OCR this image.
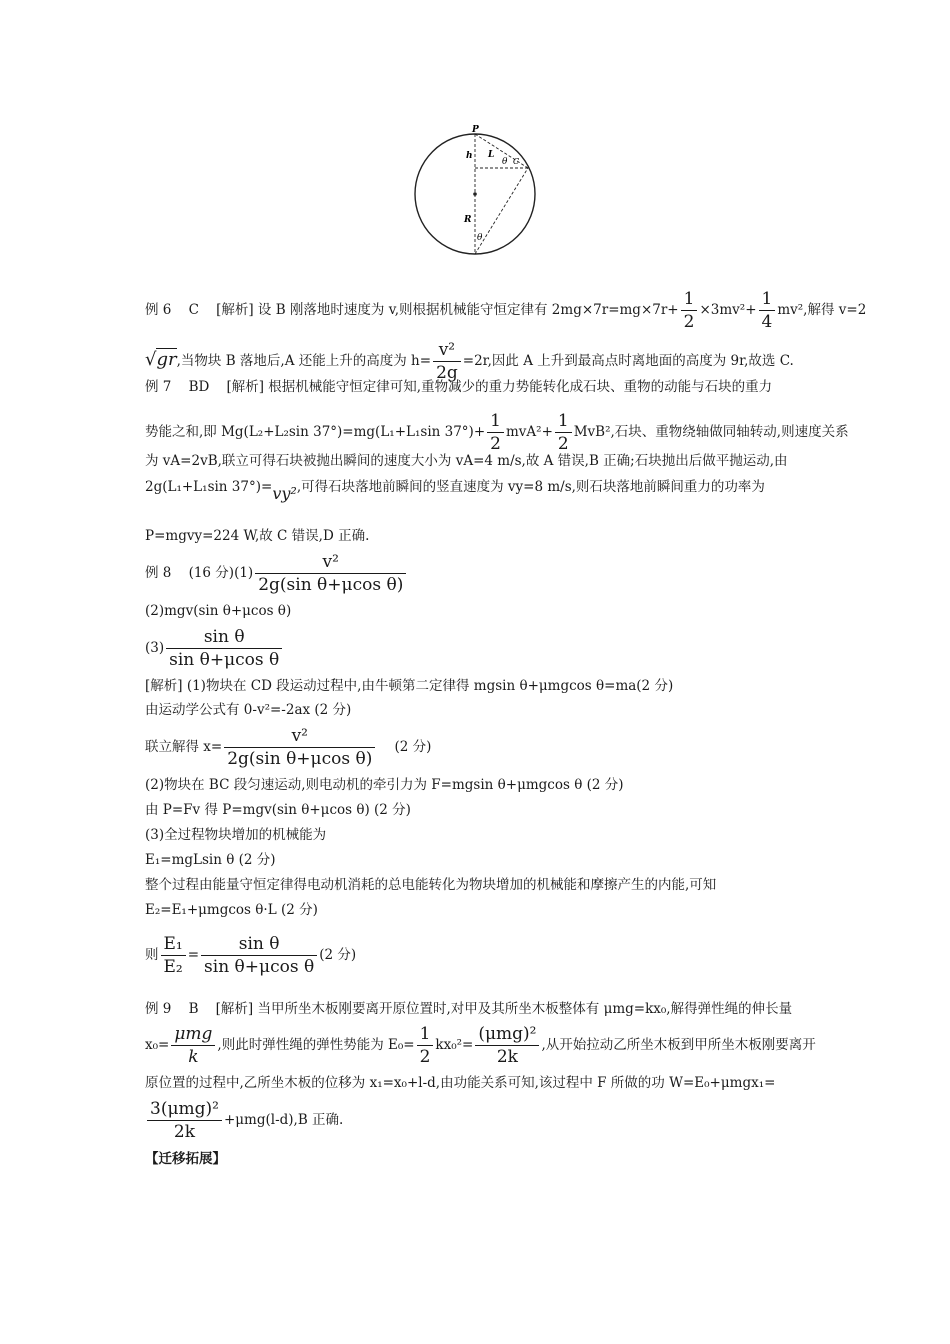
P
h L
θ C
R
θ
例 6 C [解析] 设 B 刚落地时速度为 v,则根据机械能守恒定律有 $2mg\times 7r=mg\times 7r+ \frac{1}{2} \times 3mv^2+ \frac{1}{4} mv^2$,解得 v=2
√gr,当物块 B 落地后,A 还能上升的高度为 $h= \frac{\text{v²}}{2g} =2r$,因此 A 上升到最高点时离地面的高度为 9r,故选 C.
例 7 BD [解析] 根据机械能守恒定律可知,重物减少的重力势能转化成石块、重物的动能与石块的重力
势能之和,即 Mg(L₂+L₂sin 37°)=mg(L₁+L₁sin $37^\circ)+ \frac{1}{2} mvA^2+ \frac{1}{2} MvB^2$,石块、重物绕轴做同轴转动,则速度关系
为 vA=2vB,联立可得石块被抛出瞬间的速度大小为 vA=4 m/s,故 A 错误,B 正确;石块抛出后做平抛运动,由
2g(L₁+L₁sin 37°)=vy²,可得石块落地前瞬间的竖直速度为 vy=8 m/s,则石块落地前瞬间重力的功率为
P=mgvy=224 W,故 C 错误,D 正确.
例 8 (16 分)$(1) \frac{\text{v²}}{\text{2g(sin θ+μcos θ)}}$
(2)mgv(sin θ+μcos θ)
$(3) \frac{\text{sin θ}}{\text{sin θ+μcos θ}}$
[解析] (1)物块在 CD 段运动过程中,由牛顿第二定律得 mgsin θ+μmgcos θ=ma(2 分)
由运动学公式有 0-v²=-2ax (2 分)
联立解得 $x= \frac{\text{v²}}{\text{2g(sin θ+μcos θ)}} (2$ 分)
(2)物块在 BC 段匀速运动,则电动机的牵引力为 F=mgsin θ+μmgcos θ (2 分)
由 P=Fv 得 P=mgv(sin θ+μcos θ) (2 分)
(3)全过程物块增加的机械能为
E₁=mgLsin θ (2 分)
整个过程由能量守恒定律得电动机消耗的总电能转化为物块增加的机械能和摩擦产生的内能,可知
E₂=E₁+μmgcos θ·L (2 分)
则 $\frac{\text{E₁}}{\text{E₂}} = \frac{\text{sin θ}}{\text{sin θ+μcos θ}} (2$ 分)
例 9 B [解析] 当甲所坐木板刚要离开原位置时,对甲及其所坐木板整体有 μmg=kx₀,解得弹性绳的伸长量
$x_0= \frac{\text{μmg}}{k}$ ,则此时弹性绳的弹性势能为 $E_0= \frac{1}{2} kx_0^2= \frac{\text{(μmg)²}}{2k}$ ,从开始拉动乙所坐木板到甲所坐木板刚要离开
原位置的过程中,乙所坐木板的位移为 x₁=x₀+l-d,由功能关系可知,该过程中 F 所做的功 W=E₀+μmgx₁=
$\frac{\text{3(μmg)²}}{2k} +\mu mg(l-d),B$ 正确.
【迁移拓展】
